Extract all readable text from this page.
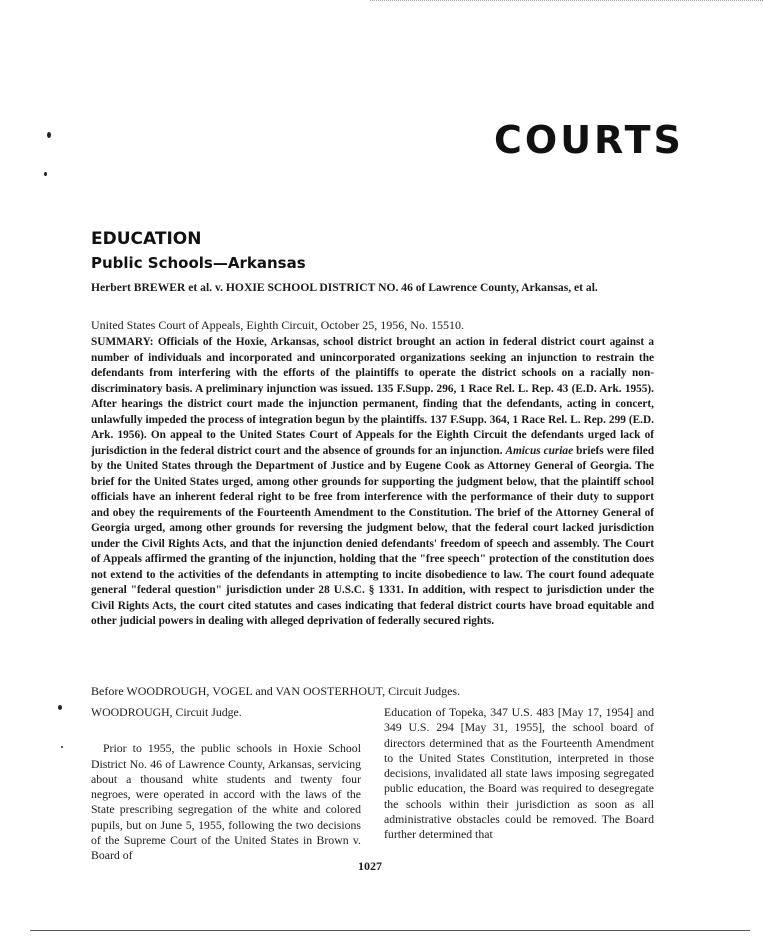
COURTS
EDUCATION
Public Schools—Arkansas
Herbert BREWER et al. v. HOXIE SCHOOL DISTRICT NO. 46 of Lawrence County, Arkansas, et al.
United States Court of Appeals, Eighth Circuit, October 25, 1956, No. 15510.
SUMMARY: Officials of the Hoxie, Arkansas, school district brought an action in federal district court against a number of individuals and incorporated and unincorporated organizations seeking an injunction to restrain the defendants from interfering with the efforts of the plaintiffs to operate the district schools on a racially non-discriminatory basis. A preliminary injunction was issued. 135 F.Supp. 296, 1 Race Rel. L. Rep. 43 (E.D. Ark. 1955). After hearings the district court made the injunction permanent, finding that the defendants, acting in concert, unlawfully impeded the process of integration begun by the plaintiffs. 137 F.Supp. 364, 1 Race Rel. L. Rep. 299 (E.D. Ark. 1956). On appeal to the United States Court of Appeals for the Eighth Circuit the defendants urged lack of jurisdiction in the federal district court and the absence of grounds for an injunction. Amicus curiae briefs were filed by the United States through the Department of Justice and by Eugene Cook as Attorney General of Georgia. The brief for the United States urged, among other grounds for supporting the judgment below, that the plaintiff school officials have an inherent federal right to be free from interference with the performance of their duty to support and obey the requirements of the Fourteenth Amendment to the Constitution. The brief of the Attorney General of Georgia urged, among other grounds for reversing the judgment below, that the federal court lacked jurisdiction under the Civil Rights Acts, and that the injunction denied defendants' freedom of speech and assembly. The Court of Appeals affirmed the granting of the injunction, holding that the "free speech" protection of the constitution does not extend to the activities of the defendants in attempting to incite disobedience to law. The court found adequate general "federal question" jurisdiction under 28 U.S.C. § 1331. In addition, with respect to jurisdiction under the Civil Rights Acts, the court cited statutes and cases indicating that federal district courts have broad equitable and other judicial powers in dealing with alleged deprivation of federally secured rights.
Before WOODROUGH, VOGEL and VAN OOSTERHOUT, Circuit Judges.

WOODROUGH, Circuit Judge.

Prior to 1955, the public schools in Hoxie School District No. 46 of Lawrence County, Arkansas, servicing about a thousand white students and twenty four negroes, were operated in accord with the laws of the State prescribing segregation of the white and colored pupils, but on June 5, 1955, following the two decisions of the Supreme Court of the United States in Brown v. Board of

Education of Topeka, 347 U.S. 483 [May 17, 1954] and 349 U.S. 294 [May 31, 1955], the school board of directors determined that as the Fourteenth Amendment to the United States Constitution, interpreted in those decisions, invalidated all state laws imposing segregated public education, the Board was required to desegregate the schools within their jurisdiction as soon as all administrative obstacles could be removed. The Board further determined that

1027
